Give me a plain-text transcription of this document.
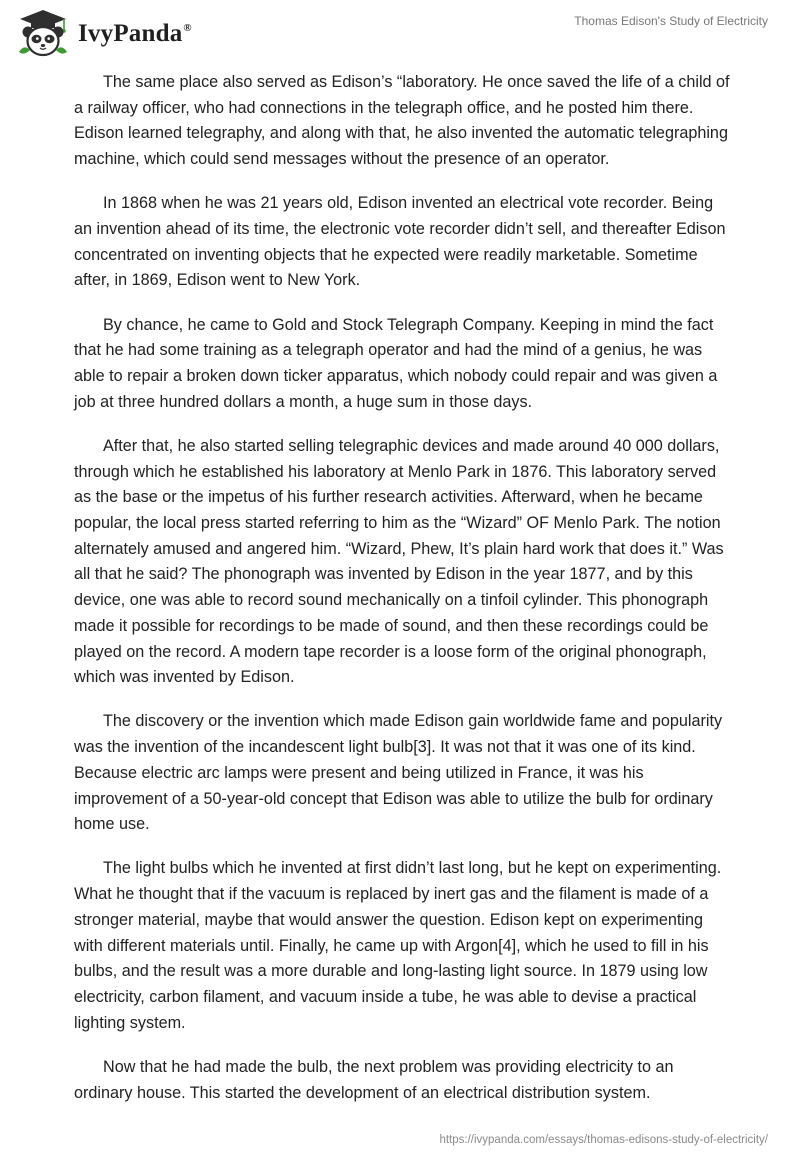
IvyPanda®	Thomas Edison's Study of Electricity

The same place also served as Edison’s “laboratory. He once saved the life of a child of a railway officer, who had connections in the telegraph office, and he posted him there. Edison learned telegraphy, and along with that, he also invented the automatic telegraphing machine, which could send messages without the presence of an operator.

In 1868 when he was 21 years old, Edison invented an electrical vote recorder. Being an invention ahead of its time, the electronic vote recorder didn’t sell, and thereafter Edison concentrated on inventing objects that he expected were readily marketable. Sometime after, in 1869, Edison went to New York.

By chance, he came to Gold and Stock Telegraph Company. Keeping in mind the fact that he had some training as a telegraph operator and had the mind of a genius, he was able to repair a broken down ticker apparatus, which nobody could repair and was given a job at three hundred dollars a month, a huge sum in those days.

After that, he also started selling telegraphic devices and made around 40 000 dollars, through which he established his laboratory at Menlo Park in 1876. This laboratory served as the base or the impetus of his further research activities. Afterward, when he became popular, the local press started referring to him as the “Wizard” OF Menlo Park. The notion alternately amused and angered him. “Wizard, Phew, It’s plain hard work that does it.” Was all that he said? The phonograph was invented by Edison in the year 1877, and by this device, one was able to record sound mechanically on a tinfoil cylinder. This phonograph made it possible for recordings to be made of sound, and then these recordings could be played on the record. A modern tape recorder is a loose form of the original phonograph, which was invented by Edison.

The discovery or the invention which made Edison gain worldwide fame and popularity was the invention of the incandescent light bulb[3]. It was not that it was one of its kind. Because electric arc lamps were present and being utilized in France, it was his improvement of a 50-year-old concept that Edison was able to utilize the bulb for ordinary home use.

The light bulbs which he invented at first didn’t last long, but he kept on experimenting. What he thought that if the vacuum is replaced by inert gas and the filament is made of a stronger material, maybe that would answer the question. Edison kept on experimenting with different materials until. Finally, he came up with Argon[4], which he used to fill in his bulbs, and the result was a more durable and long-lasting light source. In 1879 using low electricity, carbon filament, and vacuum inside a tube, he was able to devise a practical lighting system.

Now that he had made the bulb, the next problem was providing electricity to an ordinary house. This started the development of an electrical distribution system.

https://ivypanda.com/essays/thomas-edisons-study-of-electricity/
